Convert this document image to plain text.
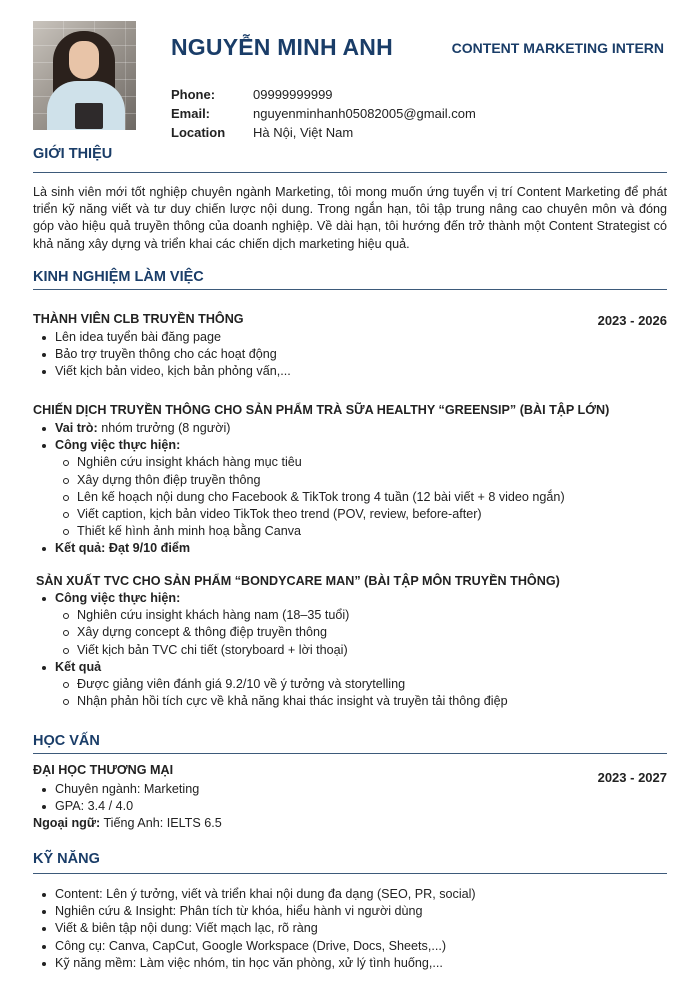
NGUYỄN MINH ANH	CONTENT MARKETING INTERN
Phone:	09999999999
Email:	nguyenminhanh05082005@gmail.com
Location	Hà Nội, Việt Nam
GIỚI THIỆU
Là sinh viên mới tốt nghiệp chuyên ngành Marketing, tôi mong muốn ứng tuyển vị trí Content Marketing để phát triển kỹ năng viết và tư duy chiến lược nội dung. Trong ngắn hạn, tôi tập trung nâng cao chuyên môn và đóng góp vào hiệu quả truyền thông của doanh nghiệp. Về dài hạn, tôi hướng đến trở thành một Content Strategist có khả năng xây dựng và triển khai các chiến dịch marketing hiệu quả.
KINH NGHIỆM LÀM VIỆC
THÀNH VIÊN CLB TRUYỀN THÔNG	2023 - 2026
Lên idea tuyển bài đăng page
Bảo trợ truyền thông cho các hoạt động
Viết kịch bản video, kịch bản phỏng vấn,...
CHIẾN DỊCH TRUYỀN THÔNG CHO SẢN PHẨM TRÀ SỮA HEALTHY “GREENSIP” (BÀI TẬP LỚN)
Vai trò: nhóm trưởng (8 người)
Công việc thực hiện:
Nghiên cứu insight khách hàng mục tiêu
Xây dựng thôn điệp truyền thông
Lên kế hoạch nội dung cho Facebook & TikTok trong 4 tuần (12 bài viết + 8 video ngắn)
Viết caption, kịch bản video TikTok theo trend (POV, review, before-after)
Thiết kế hình ảnh minh hoạ bằng Canva
Kết quả: Đạt 9/10 điểm
SẢN XUẤT TVC CHO SẢN PHẨM “BONDYCARE MAN” (BÀI TẬP MÔN TRUYỀN THÔNG)
Công việc thực hiện:
Nghiên cứu insight khách hàng nam (18–35 tuổi)
Xây dựng concept & thông điệp truyền thông
Viết kịch bản TVC chi tiết (storyboard + lời thoại)
Kết quả
Được giảng viên đánh giá 9.2/10 về ý tưởng và storytelling
Nhận phản hồi tích cực về khả năng khai thác insight và truyền tải thông điệp
HỌC VẤN
ĐẠI HỌC THƯƠNG MẠI	2023 - 2027
Chuyên ngành: Marketing
GPA: 3.4 / 4.0
Ngoại ngữ: Tiếng Anh: IELTS 6.5
KỸ NĂNG
Content: Lên ý tưởng, viết và triển khai nội dung đa dạng (SEO, PR, social)
Nghiên cứu & Insight: Phân tích từ khóa, hiểu hành vi người dùng
Viết & biên tập nội dung: Viết mạch lạc, rõ ràng
Công cụ: Canva, CapCut, Google Workspace (Drive, Docs, Sheets,...)
Kỹ năng mềm: Làm việc nhóm, tin học văn phòng, xử lý tình huống,...
